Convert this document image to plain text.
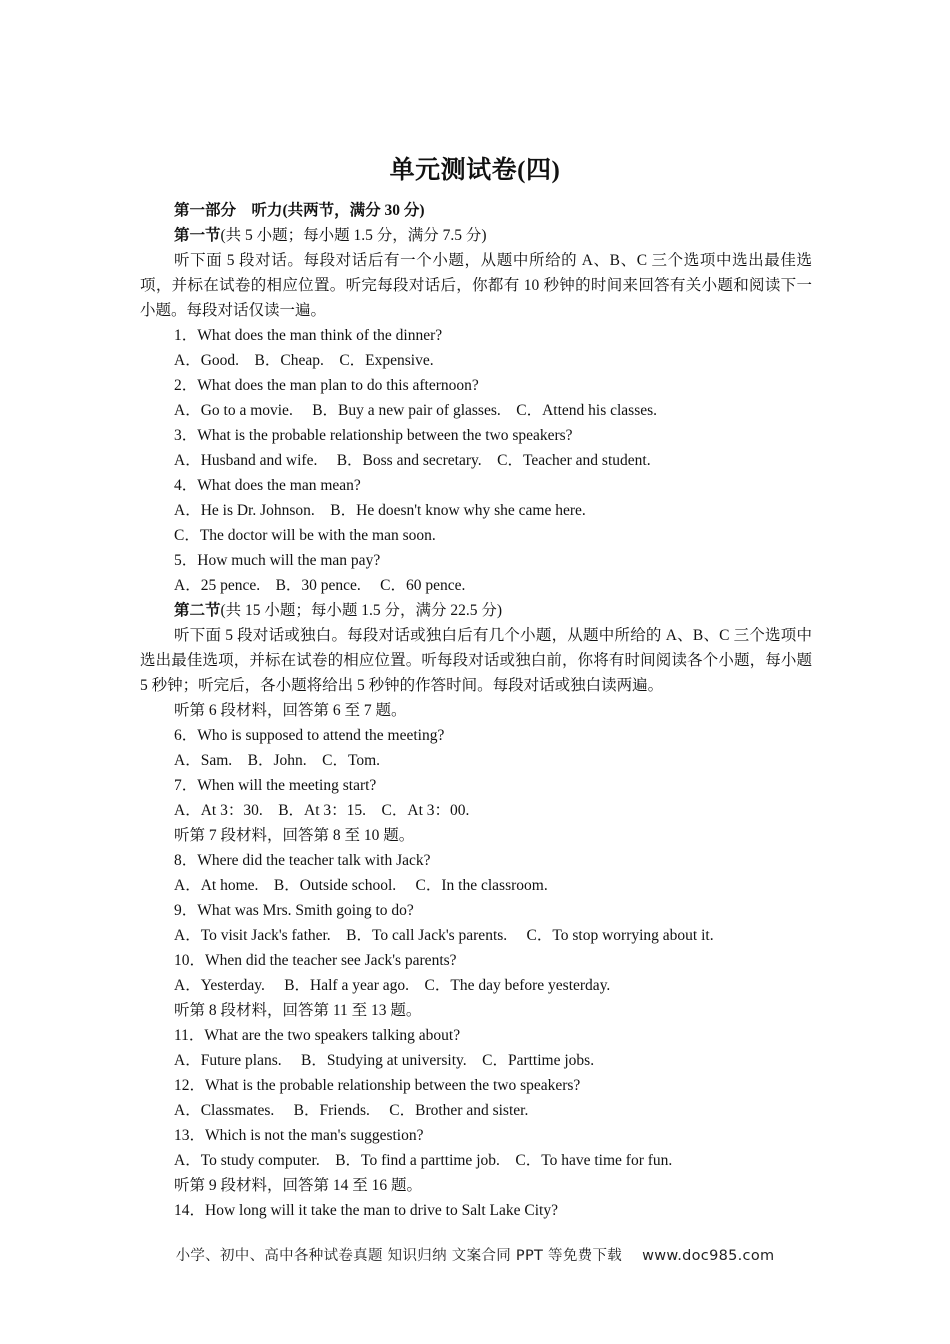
单元测试卷(四)
第一部分　听力(共两节，满分 30 分)
第一节(共 5 小题；每小题 1.5 分，满分 7.5 分)
听下面 5 段对话。每段对话后有一个小题，从题中所给的 A、B、C 三个选项中选出最佳选项，并标在试卷的相应位置。听完每段对话后，你都有 10 秒钟的时间来回答有关小题和阅读下一小题。每段对话仅读一遍。
1．What does the man think of the dinner?
A．Good.　B．Cheap.　C．Expensive.
2．What does the man plan to do this afternoon?
A．Go to a movie.　 B．Buy a new pair of glasses.　C．Attend his classes.
3．What is the probable relationship between the two speakers?
A．Husband and wife.　 B．Boss and secretary.　C．Teacher and student.
4．What does the man mean?
A．He is Dr. Johnson.　B．He doesn't know why she came here.
C．The doctor will be with the man soon.
5．How much will the man pay?
A．25 pence.　B．30 pence.　 C．60 pence.
第二节(共 15 小题；每小题 1.5 分，满分 22.5 分)
听下面 5 段对话或独白。每段对话或独白后有几个小题，从题中所给的 A、B、C 三个选项中选出最佳选项，并标在试卷的相应位置。听每段对话或独白前，你将有时间阅读各个小题，每小题 5 秒钟；听完后，各小题将给出 5 秒钟的作答时间。每段对话或独白读两遍。
听第 6 段材料，回答第 6 至 7 题。
6．Who is supposed to attend the meeting?
A．Sam.　B．John.　C．Tom.
7．When will the meeting start?
A．At 3：30.　B．At 3：15.　C．At 3：00.
听第 7 段材料，回答第 8 至 10 题。
8．Where did the teacher talk with Jack?
A．At home.　B．Outside school.　 C．In the classroom.
9．What was Mrs. Smith going to do?
A．To visit Jack's father.　B．To call Jack's parents.　 C．To stop worrying about it.
10．When did the teacher see Jack's parents?
A．Yesterday.　 B．Half a year ago.　C．The day before yesterday.
听第 8 段材料，回答第 11 至 13 题。
11．What are the two speakers talking about?
A．Future plans.　 B．Studying at university.　C．Parttime jobs.
12．What is the probable relationship between the two speakers?
A．Classmates.　 B．Friends.　 C．Brother and sister.
13．Which is not the man's suggestion?
A．To study computer.　B．To find a parttime job.　C．To have time for fun.
听第 9 段材料，回答第 14 至 16 题。
14．How long will it take the man to drive to Salt Lake City?
小学、初中、高中各种试卷真题 知识归纳 文案合同 PPT 等免费下载 www.doc985.com
